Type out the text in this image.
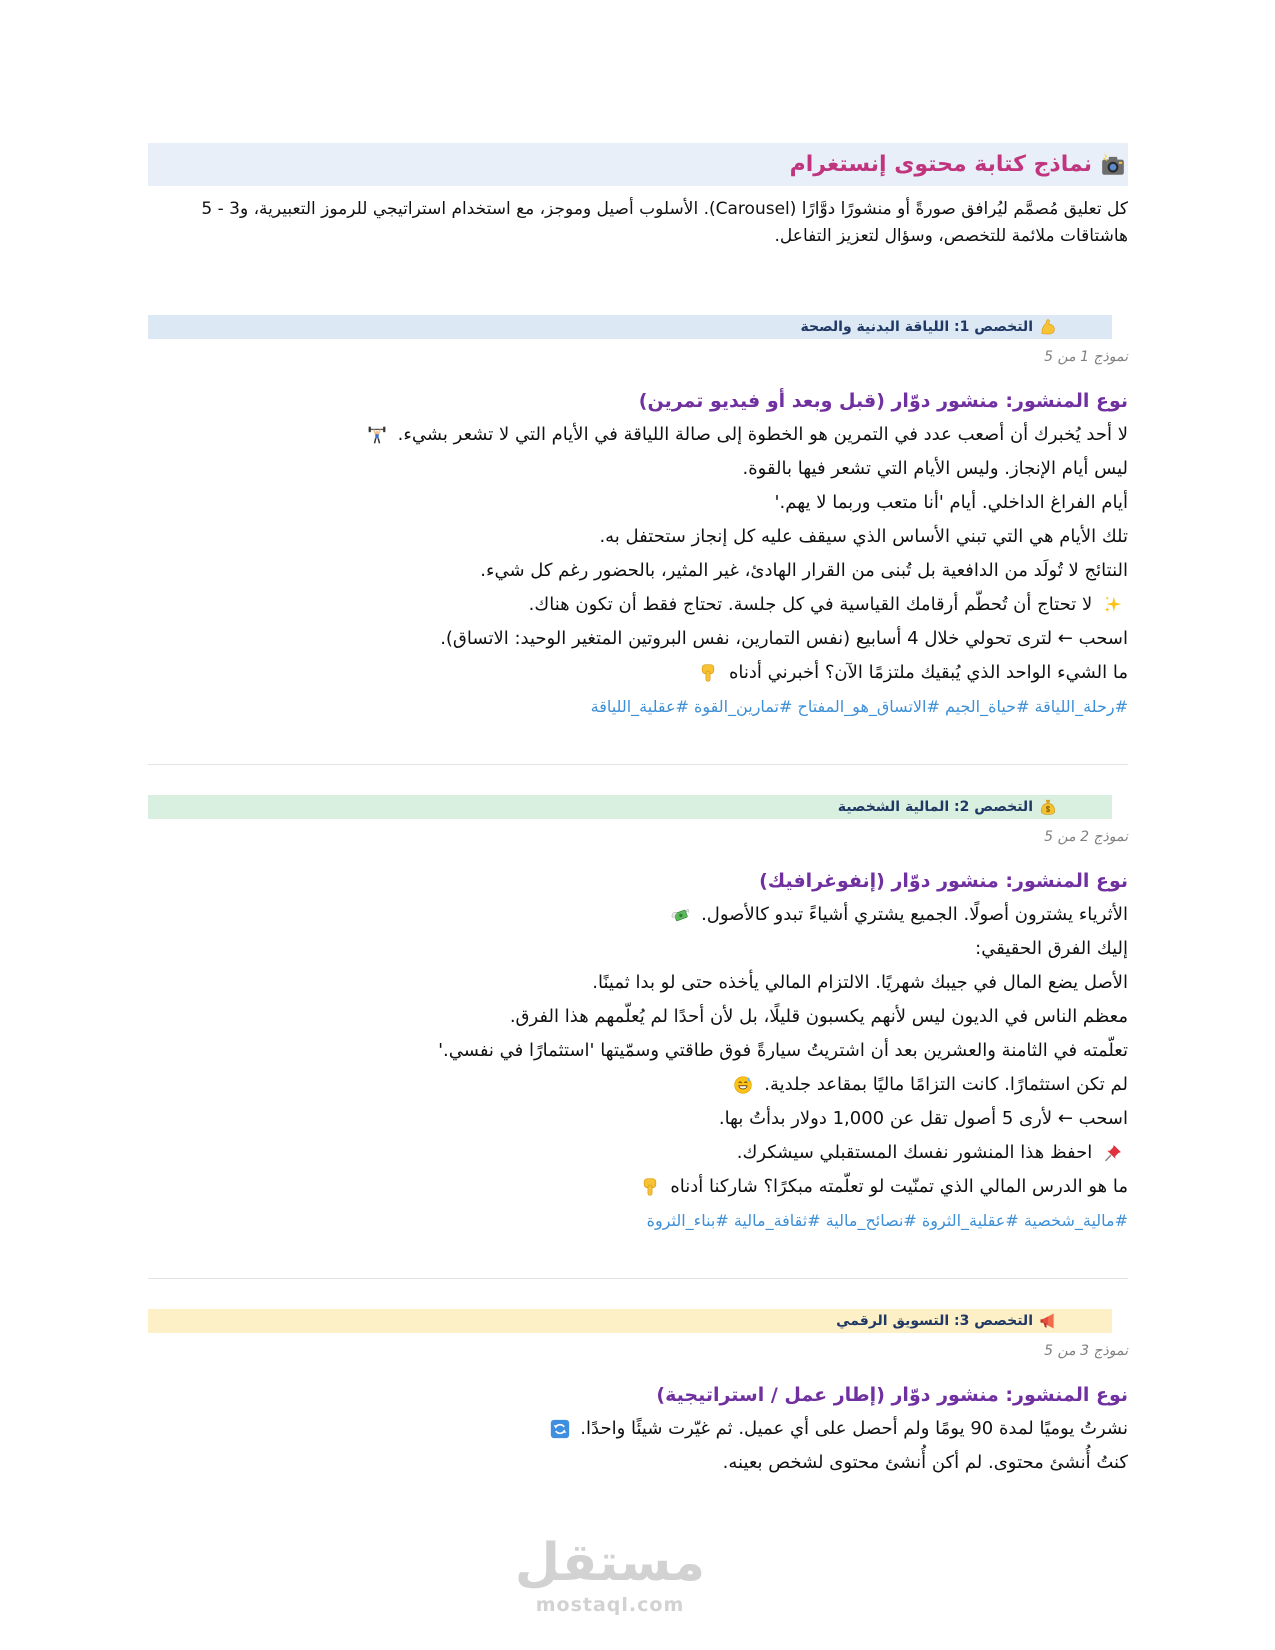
نماذج كتابة محتوى إنستغرام
كل تعليق مُصمَّم ليُرافق صورةً أو منشورًا دوَّارًا (Carousel). الأسلوب أصيل وموجز، مع استخدام استراتيجي للرموز التعبيرية، و3 - 5 هاشتاقات ملائمة للتخصص، وسؤال لتعزيز التفاعل.
التخصص 1: اللياقة البدنية والصحة
نموذج 1 من 5
نوع المنشور: منشور دوّار (قبل وبعد أو فيديو تمرين)
لا أحد يُخبرك أن أصعب عدد في التمرين هو الخطوة إلى صالة اللياقة في الأيام التي لا تشعر بشيء.
ليس أيام الإنجاز. وليس الأيام التي تشعر فيها بالقوة.
أيام الفراغ الداخلي. أيام 'أنا متعب وربما لا يهم.'
تلك الأيام هي التي تبني الأساس الذي سيقف عليه كل إنجاز ستحتفل به.
النتائج لا تُولَد من الدافعية بل تُبنى من القرار الهادئ، غير المثير، بالحضور رغم كل شيء.
لا تحتاج أن تُحطّم أرقامك القياسية في كل جلسة. تحتاج فقط أن تكون هناك.
اسحب ← لترى تحولي خلال 4 أسابيع (نفس التمارين، نفس البروتين المتغير الوحيد: الاتساق).
ما الشيء الواحد الذي يُبقيك ملتزمًا الآن؟ أخبرني أدناه
#رحلة_اللياقة #حياة_الجيم #الاتساق_هو_المفتاح #تمارين_القوة #عقلية_اللياقة
التخصص 2: المالية الشخصية
نموذج 2 من 5
نوع المنشور: منشور دوّار (إنفوغرافيك)
الأثرياء يشترون أصولًا. الجميع يشتري أشياءً تبدو كالأصول.
إليك الفرق الحقيقي:
الأصل يضع المال في جيبك شهريًا. الالتزام المالي يأخذه حتى لو بدا ثمينًا.
معظم الناس في الديون ليس لأنهم يكسبون قليلًا، بل لأن أحدًا لم يُعلّمهم هذا الفرق.
تعلّمته في الثامنة والعشرين بعد أن اشتريتُ سيارةً فوق طاقتي وسمّيتها 'استثمارًا في نفسي.'
لم تكن استثمارًا. كانت التزامًا ماليًا بمقاعد جلدية.
اسحب ← لأرى 5 أصول تقل عن 1,000 دولار بدأتُ بها.
احفظ هذا المنشور نفسك المستقبلي سيشكرك.
ما هو الدرس المالي الذي تمنّيت لو تعلّمته مبكرًا؟ شاركنا أدناه
#مالية_شخصية #عقلية_الثروة #نصائح_مالية #ثقافة_مالية #بناء_الثروة
التخصص 3: التسويق الرقمي
نموذج 3 من 5
نوع المنشور: منشور دوّار (إطار عمل / استراتيجية)
نشرتُ يوميًا لمدة 90 يومًا ولم أحصل على أي عميل. ثم غيّرت شيئًا واحدًا.
كنتُ أُنشئ محتوى. لم أكن أُنشئ محتوى لشخص بعينه.
مستقل
mostaql.com
